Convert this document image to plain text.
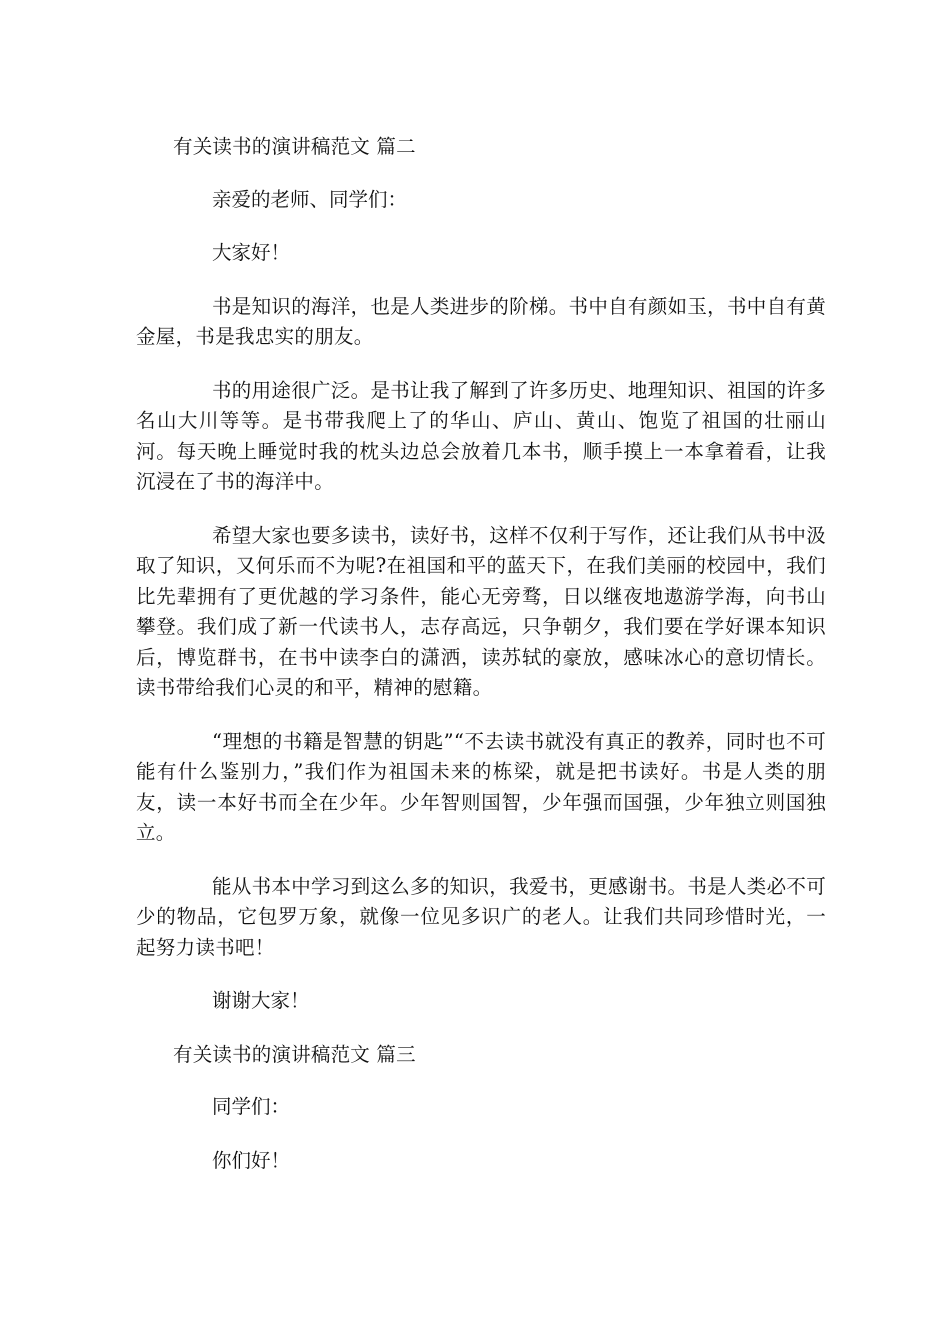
有关读书的演讲稿范文 篇二
亲爱的老师、同学们：
大家好！
书是知识的海洋，也是人类进步的阶梯。书中自有颜如玉，书中自有黄金屋，书是我忠实的朋友。
书的用途很广泛。是书让我了解到了许多历史、地理知识、祖国的许多名山大川等等。是书带我爬上了的华山、庐山、黄山、饱览了祖国的壮丽山河。每天晚上睡觉时我的枕头边总会放着几本书，顺手摸上一本拿着看，让我沉浸在了书的海洋中。
希望大家也要多读书，读好书，这样不仅利于写作，还让我们从书中汲取了知识，又何乐而不为呢?在祖国和平的蓝天下，在我们美丽的校园中，我们比先辈拥有了更优越的学习条件，能心无旁骛，日以继夜地遨游学海，向书山攀登。我们成了新一代读书人，志存高远，只争朝夕，我们要在学好课本知识后，博览群书，在书中读李白的潇洒，读苏轼的豪放，感味冰心的意切情长。读书带给我们心灵的和平，精神的慰籍。
“理想的书籍是智慧的钥匙”“不去读书就没有真正的教养，同时也不可能有什么鉴别力，”我们作为祖国未来的栋梁，就是把书读好。书是人类的朋友，读一本好书而全在少年。少年智则国智，少年强而国强，少年独立则国独立。
能从书本中学习到这么多的知识，我爱书，更感谢书。书是人类必不可少的物品，它包罗万象，就像一位见多识广的老人。让我们共同珍惜时光，一起努力读书吧！
谢谢大家！
有关读书的演讲稿范文 篇三
同学们：
你们好！
